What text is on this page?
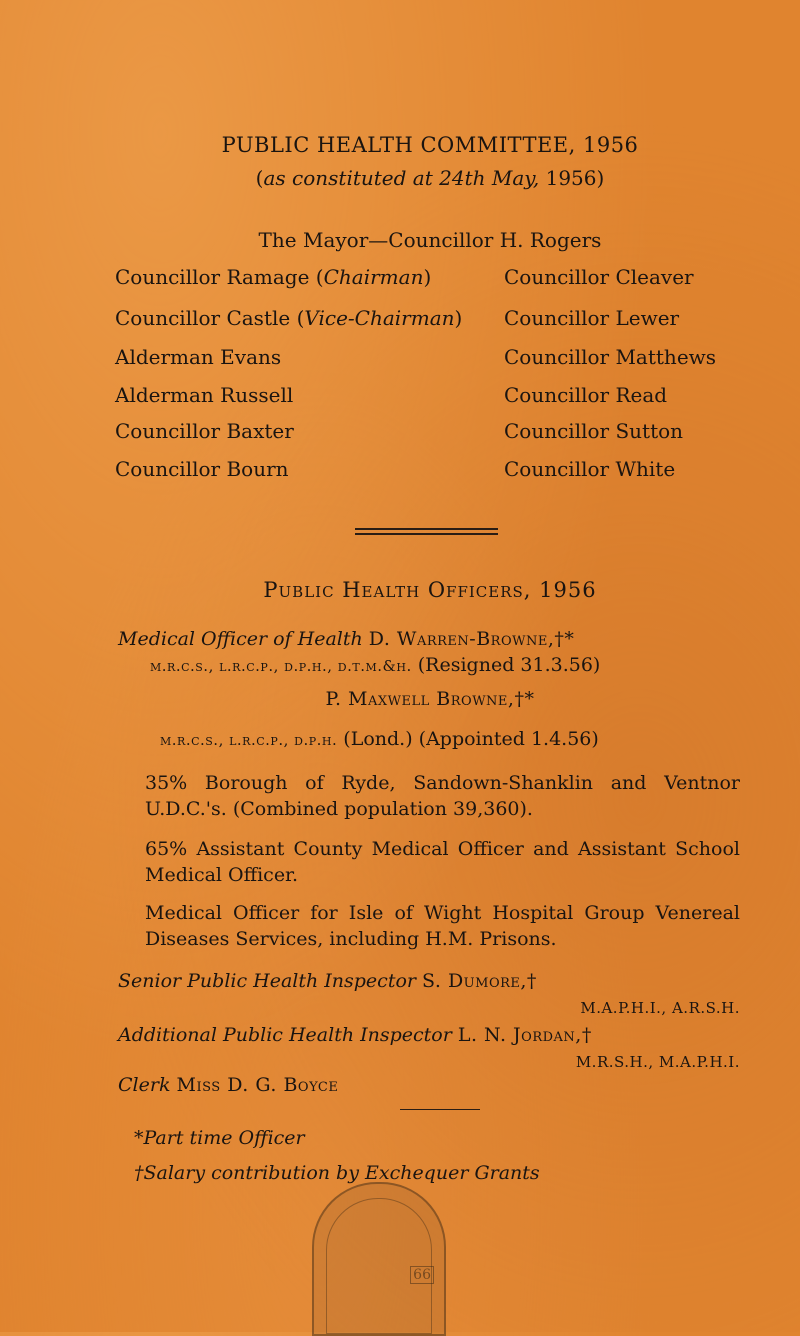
PUBLIC HEALTH COMMITTEE, 1956
(as constituted at 24th May, 1956)
The Mayor—Councillor H. Rogers
Councillor Ramage (Chairman)
Councillor Castle (Vice-Chairman)
Alderman Evans
Alderman Russell
Councillor Baxter
Councillor Bourn
Councillor Cleaver
Councillor Lewer
Councillor Matthews
Councillor Read
Councillor Sutton
Councillor White
Public Health Officers, 1956
Medical Officer of Health D. Warren-Browne,†*
m.r.c.s., l.r.c.p., d.p.h., d.t.m.&h. (Resigned 31.3.56)
P. Maxwell Browne,†*
m.r.c.s., l.r.c.p., d.p.h. (Lond.) (Appointed 1.4.56)
35% Borough of Ryde, Sandown-Shanklin and Ventnor U.D.C.'s. (Combined population 39,360).
65% Assistant County Medical Officer and Assistant School Medical Officer.
Medical Officer for Isle of Wight Hospital Group Venereal Diseases Services, including H.M. Prisons.
Senior Public Health Inspector S. Dumore,†
M.A.P.H.I., A.R.S.H.
Additional Public Health Inspector L. N. Jordan,†
M.R.S.H., M.A.P.H.I.
Clerk Miss D. G. Boyce
*Part time Officer
†Salary contribution by Exchequer Grants
66
